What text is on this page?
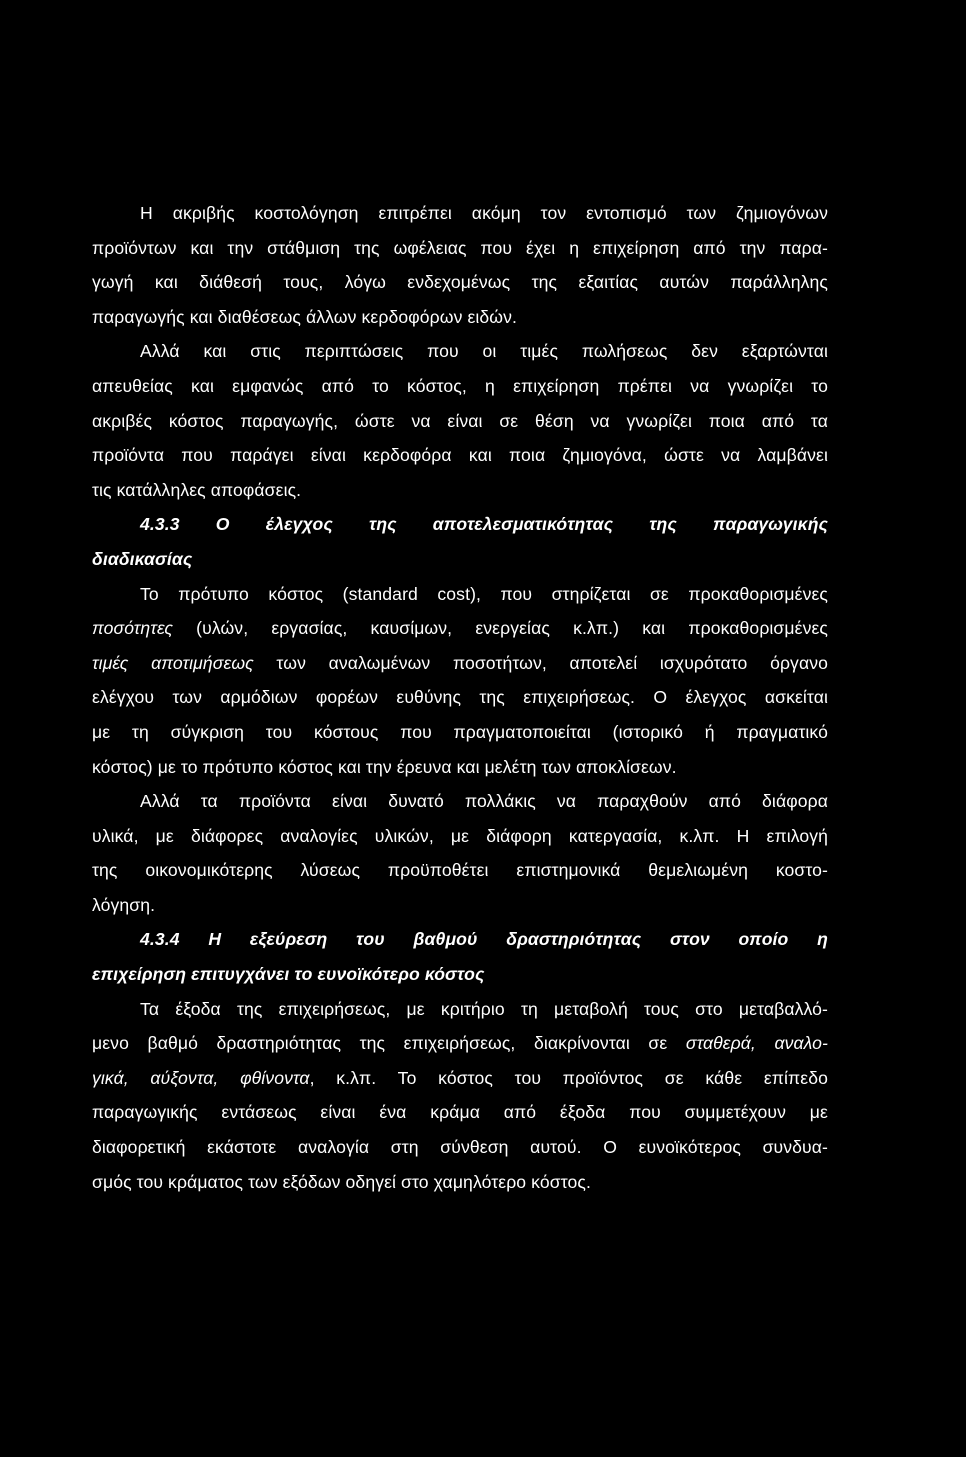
Η ακριβής κοστολόγηση επιτρέπει ακόμη τον εντοπισμό των ζημιογόνων
προϊόντων και την στάθμιση της ωφέλειας που έχει η επιχείρηση από την παρα-
γωγή και διάθεσή τους, λόγω ενδεχομένως της εξαιτίας αυτών παράλληλης
παραγωγής και διαθέσεως άλλων κερδοφόρων ειδών.
Αλλά και στις περιπτώσεις που οι τιμές πωλήσεως δεν εξαρτώνται
απευθείας και εμφανώς από το κόστος, η επιχείρηση πρέπει να γνωρίζει το
ακριβές κόστος παραγωγής, ώστε να είναι σε θέση να γνωρίζει ποια από τα
προϊόντα που παράγει είναι κερδοφόρα και ποια ζημιογόνα, ώστε να λαμβάνει
τις κατάλληλες αποφάσεις.
4.3.3 Ο έλεγχος της αποτελεσματικότητας της παραγωγικής
διαδικασίας
Το πρότυπο κόστος (standard cost), που στηρίζεται σε προκαθορισμένες
ποσότητες (υλών, εργασίας, καυσίμων, ενεργείας κ.λπ.) και προκαθορισμένες
τιμές αποτιμήσεως των αναλωμένων ποσοτήτων, αποτελεί ισχυρότατο όργανο
ελέγχου των αρμόδιων φορέων ευθύνης της επιχειρήσεως. Ο έλεγχος ασκείται
με τη σύγκριση του κόστους που πραγματοποιείται (ιστορικό ή πραγματικό
κόστος) με το πρότυπο κόστος και την έρευνα και μελέτη των αποκλίσεων.
Αλλά τα προϊόντα είναι δυνατό πολλάκις να παραχθούν από διάφορα
υλικά, με διάφορες αναλογίες υλικών, με διάφορη κατεργασία, κ.λπ. Η επιλογή
της οικονομικότερης λύσεως προϋποθέτει επιστημονικά θεμελιωμένη κοστο-
λόγηση.
4.3.4 Η εξεύρεση του βαθμού δραστηριότητας στον οποίο η
επιχείρηση επιτυγχάνει το ευνοϊκότερο κόστος
Τα έξοδα της επιχειρήσεως, με κριτήριο τη μεταβολή τους στο μεταβαλλό-
μενο βαθμό δραστηριότητας της επιχειρήσεως, διακρίνονται σε σταθερά, αναλο-
γικά, αύξοντα, φθίνοντα, κ.λπ. Το κόστος του προϊόντος σε κάθε επίπεδο
παραγωγικής εντάσεως είναι ένα κράμα από έξοδα που συμμετέχουν με
διαφορετική εκάστοτε αναλογία στη σύνθεση αυτού. Ο ευνοϊκότερος συνδυα-
σμός του κράματος των εξόδων οδηγεί στο χαμηλότερο κόστος.
